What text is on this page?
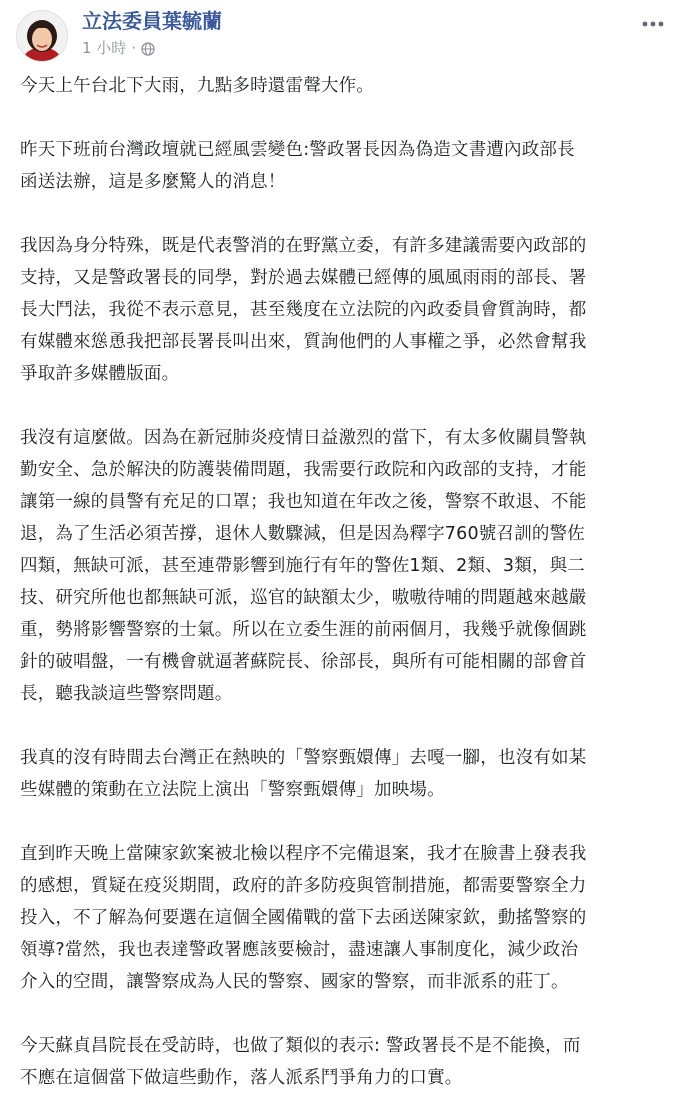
立法委員葉毓蘭
1 小時 ·

今天上午台北下大雨，九點多時還雷聲大作。

昨天下班前台灣政壇就已經風雲變色:警政署長因為偽造文書遭內政部長
函送法辦，這是多麼驚人的消息！

我因為身分特殊，既是代表警消的在野黨立委，有許多建議需要內政部的
支持，又是警政署長的同學，對於過去媒體已經傳的風風雨雨的部長、署
長大鬥法，我從不表示意見，甚至幾度在立法院的內政委員會質詢時，都
有媒體來慫恿我把部長署長叫出來，質詢他們的人事權之爭，必然會幫我
爭取許多媒體版面。

我沒有這麼做。因為在新冠肺炎疫情日益激烈的當下，有太多攸關員警執
勤安全、急於解決的防護裝備問題，我需要行政院和內政部的支持，才能
讓第一線的員警有充足的口罩；我也知道在年改之後，警察不敢退、不能
退，為了生活必須苦撐，退休人數驟減，但是因為釋字760號召訓的警佐
四類，無缺可派，甚至連帶影響到施行有年的警佐1類、2類、3類，與二
技、研究所他也都無缺可派，巡官的缺額太少，嗷嗷待哺的問題越來越嚴
重，勢將影響警察的士氣。所以在立委生涯的前兩個月，我幾乎就像個跳
針的破唱盤，一有機會就逼著蘇院長、徐部長，與所有可能相關的部會首
長，聽我談這些警察問題。

我真的沒有時間去台灣正在熱映的「警察甄嬛傳」去嘎一腳，也沒有如某
些媒體的策動在立法院上演出「警察甄嬛傳」加映場。

直到昨天晚上當陳家欽案被北檢以程序不完備退案，我才在臉書上發表我
的感想，質疑在疫災期間，政府的許多防疫與管制措施，都需要警察全力
投入，不了解為何要選在這個全國備戰的當下去函送陳家欽，動搖警察的
領導?當然，我也表達警政署應該要檢討，盡速讓人事制度化，減少政治
介入的空間，讓警察成為人民的警察、國家的警察，而非派系的莊丁。

今天蘇貞昌院長在受訪時，也做了類似的表示: 警政署長不是不能換，而
不應在這個當下做這些動作，落人派系鬥爭角力的口實。
